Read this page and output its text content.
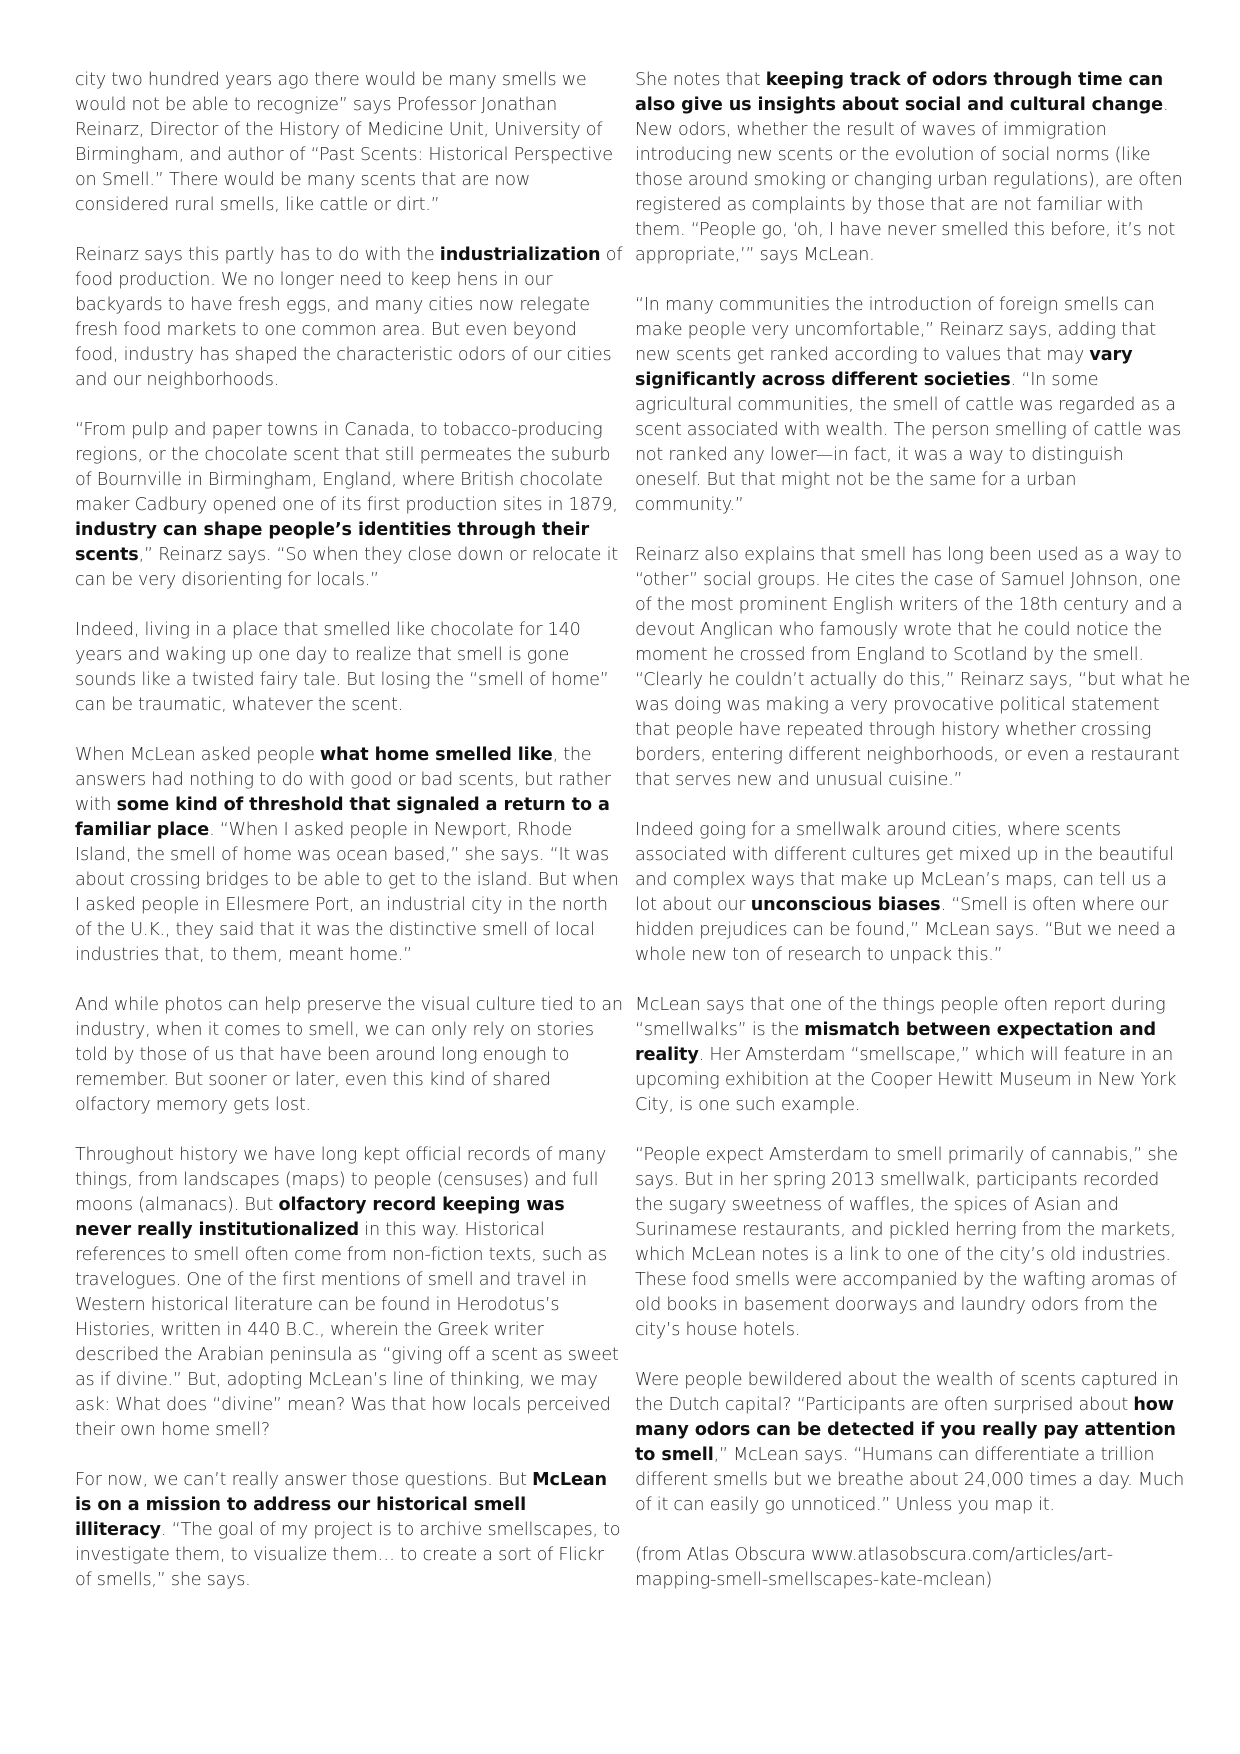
city two hundred years ago there would be many smells we would not be able to recognize” says Professor Jonathan Reinarz, Director of the History of Medicine Unit, University of Birmingham, and author of “Past Scents: Historical Perspective on Smell.” There would be many scents that are now considered rural smells, like cattle or dirt.”

Reinarz says this partly has to do with the industrialization of food production. We no longer need to keep hens in our backyards to have fresh eggs, and many cities now relegate fresh food markets to one common area. But even beyond food, industry has shaped the characteristic odors of our cities and our neighborhoods.

“From pulp and paper towns in Canada, to tobacco-producing regions, or the chocolate scent that still permeates the suburb of Bournville in Birmingham, England, where British chocolate maker Cadbury opened one of its first production sites in 1879, industry can shape people’s identities through their scents,” Reinarz says. “So when they close down or relocate it can be very disorienting for locals.”

Indeed, living in a place that smelled like chocolate for 140 years and waking up one day to realize that smell is gone sounds like a twisted fairy tale. But losing the “smell of home” can be traumatic, whatever the scent.

When McLean asked people what home smelled like, the answers had nothing to do with good or bad scents, but rather with some kind of threshold that signaled a return to a familiar place. “When I asked people in Newport, Rhode Island, the smell of home was ocean based,” she says. “It was about crossing bridges to be able to get to the island. But when I asked people in Ellesmere Port, an industrial city in the north of the U.K., they said that it was the distinctive smell of local industries that, to them, meant home.”

And while photos can help preserve the visual culture tied to an industry, when it comes to smell, we can only rely on stories told by those of us that have been around long enough to remember. But sooner or later, even this kind of shared olfactory memory gets lost.

Throughout history we have long kept official records of many things, from landscapes (maps) to people (censuses) and full moons (almanacs). But olfactory record keeping was never really institutionalized in this way. Historical references to smell often come from non-fiction texts, such as travelogues. One of the first mentions of smell and travel in Western historical literature can be found in Herodotus’s Histories, written in 440 B.C., wherein the Greek writer described the Arabian peninsula as “giving off a scent as sweet as if divine.” But, adopting McLean’s line of thinking, we may ask: What does “divine” mean? Was that how locals perceived their own home smell?

For now, we can’t really answer those questions. But McLean is on a mission to address our historical smell illiteracy. “The goal of my project is to archive smellscapes, to investigate them, to visualize them… to create a sort of Flickr of smells,” she says.

She notes that keeping track of odors through time can also give us insights about social and cultural change. New odors, whether the result of waves of immigration introducing new scents or the evolution of social norms (like those around smoking or changing urban regulations), are often registered as complaints by those that are not familiar with them. “People go, ‘oh, I have never smelled this before, it’s not appropriate,’” says McLean.

“In many communities the introduction of foreign smells can make people very uncomfortable,” Reinarz says, adding that new scents get ranked according to values that may vary significantly across different societies. “In some agricultural communities, the smell of cattle was regarded as a scent associated with wealth. The person smelling of cattle was not ranked any lower—in fact, it was a way to distinguish oneself. But that might not be the same for a urban community.”

Reinarz also explains that smell has long been used as a way to “other” social groups. He cites the case of Samuel Johnson, one of the most prominent English writers of the 18th century and a devout Anglican who famously wrote that he could notice the moment he crossed from England to Scotland by the smell. “Clearly he couldn’t actually do this,” Reinarz says, “but what he was doing was making a very provocative political statement that people have repeated through history whether crossing borders, entering different neighborhoods, or even a restaurant that serves new and unusual cuisine.”

Indeed going for a smellwalk around cities, where scents associated with different cultures get mixed up in the beautiful and complex ways that make up McLean’s maps, can tell us a lot about our unconscious biases. “Smell is often where our hidden prejudices can be found,” McLean says. “But we need a whole new ton of research to unpack this.”

McLean says that one of the things people often report during “smellwalks” is the mismatch between expectation and reality. Her Amsterdam “smellscape,” which will feature in an upcoming exhibition at the Cooper Hewitt Museum in New York City, is one such example.

“People expect Amsterdam to smell primarily of cannabis,” she says. But in her spring 2013 smellwalk, participants recorded the sugary sweetness of waffles, the spices of Asian and Surinamese restaurants, and pickled herring from the markets, which McLean notes is a link to one of the city’s old industries. These food smells were accompanied by the wafting aromas of old books in basement doorways and laundry odors from the city’s house hotels.

Were people bewildered about the wealth of scents captured in the Dutch capital? “Participants are often surprised about how many odors can be detected if you really pay attention to smell,” McLean says. “Humans can differentiate a trillion different smells but we breathe about 24,000 times a day. Much of it can easily go unnoticed.” Unless you map it.

(from Atlas Obscura www.atlasobscura.com/articles/art-mapping-smell-smellscapes-kate-mclean)
